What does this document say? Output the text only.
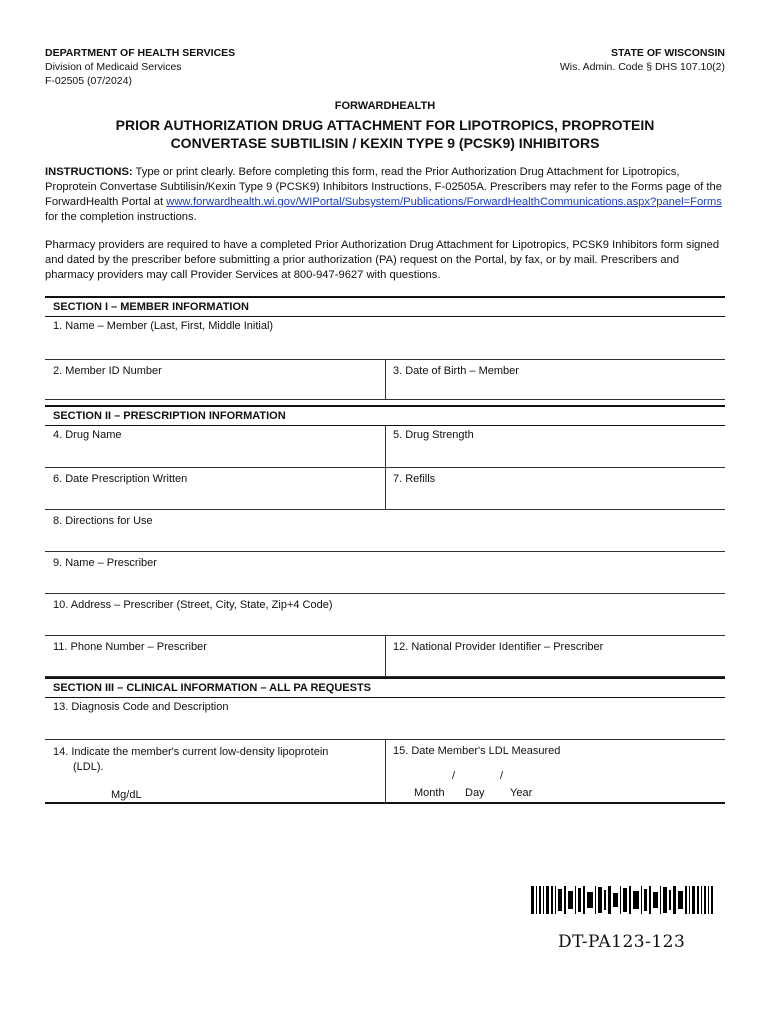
DEPARTMENT OF HEALTH SERVICES
Division of Medicaid Services
F-02505 (07/2024)
STATE OF WISCONSIN
Wis. Admin. Code § DHS 107.10(2)
FORWARDHEALTH
PRIOR AUTHORIZATION DRUG ATTACHMENT FOR LIPOTROPICS, PROPROTEIN
CONVERTASE SUBTILISIN / KEXIN TYPE 9 (PCSK9) INHIBITORS
INSTRUCTIONS: Type or print clearly. Before completing this form, read the Prior Authorization Drug Attachment for Lipotropics, Proprotein Convertase Subtilisin/Kexin Type 9 (PCSK9) Inhibitors Instructions, F-02505A. Prescribers may refer to the Forms page of the ForwardHealth Portal at www.forwardhealth.wi.gov/WIPortal/Subsystem/Publications/ForwardHealthCommunications.aspx?panel=Forms for the completion instructions.
Pharmacy providers are required to have a completed Prior Authorization Drug Attachment for Lipotropics, PCSK9 Inhibitors form signed and dated by the prescriber before submitting a prior authorization (PA) request on the Portal, by fax, or by mail. Prescribers and pharmacy providers may call Provider Services at 800-947-9627 with questions.
SECTION I – MEMBER INFORMATION
1. Name – Member (Last, First, Middle Initial)
2. Member ID Number	3. Date of Birth – Member
SECTION II – PRESCRIPTION INFORMATION
4. Drug Name	5. Drug Strength
6. Date Prescription Written	7. Refills
8. Directions for Use
9. Name – Prescriber
10. Address – Prescriber (Street, City, State, Zip+4 Code)
11. Phone Number – Prescriber	12. National Provider Identifier – Prescriber
SECTION III – CLINICAL INFORMATION – ALL PA REQUESTS
13. Diagnosis Code and Description
14. Indicate the member's current low-density lipoprotein
(LDL).
Mg/dL
15. Date Member's LDL Measured
/	/
Month Day Year
DT-PA123-123
